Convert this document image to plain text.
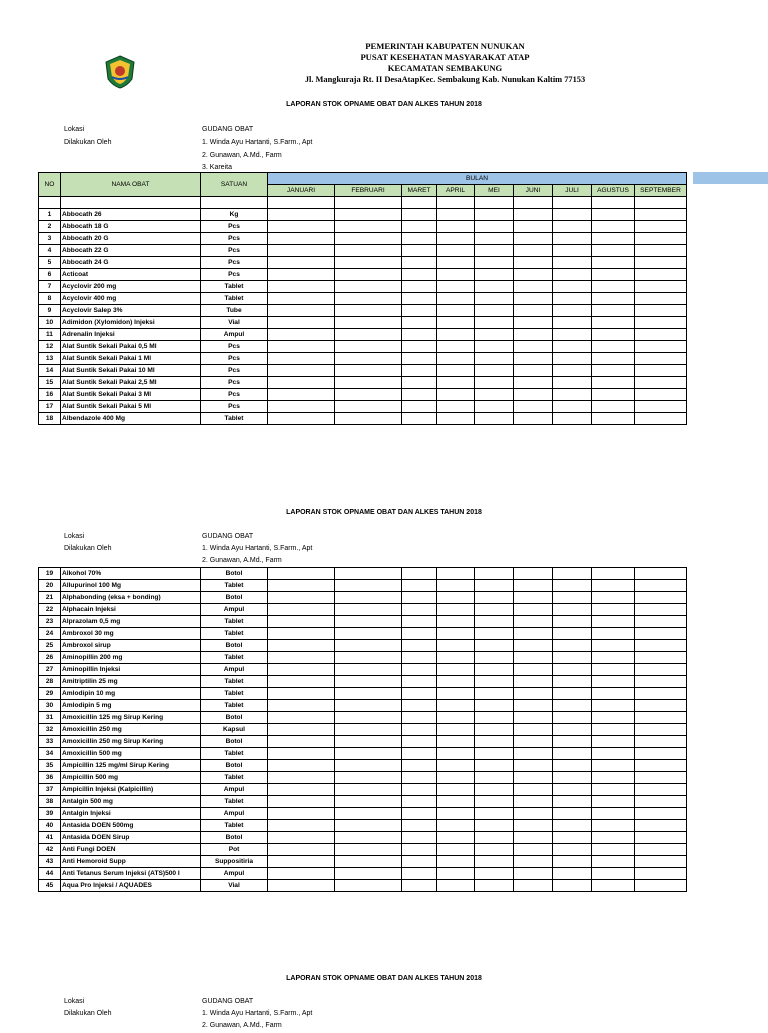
PEMERINTAH KABUPATEN NUNUKAN
PUSAT KESEHATAN MASYARAKAT ATAP
KECAMATAN SEMBAKUNG
Jl. Mangkuraja Rt. II DesaAtapKec. Sembakung Kab. Nunukan Kaltim 77153
LAPORAN STOK OPNAME OBAT DAN ALKES TAHUN 2018
Lokasi	GUDANG OBAT
Dilakukan Oleh	1. Winda Ayu Hartanti, S.Farm., Apt
2. Gunawan, A.Md., Farm
3. Kareita
NO	NAMA OBAT	SATUAN	BULAN								
			JANUARI	FEBRUARI	MARET	APRIL	MEI	JUNI	JULI	AGUSTUS	SEPTEMBER

1	Abbocath 26	Kg									
2	Abbocath 18 G	Pcs									
3	Abbocath 20 G	Pcs									
4	Abbocath 22 G	Pcs									
5	Abbocath 24 G	Pcs									
6	Acticoat	Pcs									
7	Acyclovir 200 mg	Tablet									
8	Acyclovir 400 mg	Tablet									
9	Acyclovir Salep 3%	Tube									
10	Adimidon (Xylomidon) Injeksi	Vial									
11	Adrenalin Injeksi	Ampul									
12	Alat Suntik Sekali Pakai 0,5 Ml	Pcs									
13	Alat Suntik Sekali Pakai 1 Ml	Pcs									
14	Alat Suntik Sekali Pakai 10 Ml	Pcs									
15	Alat Suntik Sekali Pakai 2,5 Ml	Pcs									
16	Alat Suntik Sekali Pakai 3 Ml	Pcs									
17	Alat Suntik Sekali Pakai 5 Ml	Pcs									
18	Albendazole 400 Mg	Tablet									
LAPORAN STOK OPNAME OBAT DAN ALKES TAHUN 2018
Lokasi	GUDANG OBAT
Dilakukan Oleh	1. Winda Ayu Hartanti, S.Farm., Apt
2. Gunawan, A.Md., Farm
19	Alkohol 70%	Botol									
20	Allupurinol 100 Mg	Tablet									
21	Alphabonding (eksa + bonding)	Botol									
22	Alphacain Injeksi	Ampul									
23	Alprazolam 0,5 mg	Tablet									
24	Ambroxol 30 mg	Tablet									
25	Ambroxol sirup	Botol									
26	Aminopillin 200 mg	Tablet									
27	Aminopillin Injeksi	Ampul									
28	Amitriptilin 25 mg	Tablet									
29	Amlodipin 10 mg	Tablet									
30	Amlodipin 5 mg	Tablet									
31	Amoxicillin 125 mg Sirup Kering	Botol									
32	Amoxicillin 250 mg	Kapsul									
33	Amoxicillin 250 mg Sirup Kering	Botol									
34	Amoxicillin 500 mg	Tablet									
35	Ampicillin 125 mg/ml Sirup Kering	Botol									
36	Ampicillin 500 mg	Tablet									
37	Ampicillin Injeksi (Kalpicillin)	Ampul									
38	Antalgin 500 mg	Tablet									
39	Antalgin Injeksi	Ampul									
40	Antasida DOEN 500mg	Tablet									
41	Antasida DOEN Sirup	Botol									
42	Anti Fungi DOEN	Pot									
43	Anti Hemoroid Supp	Suppositiria									
44	Anti Tetanus Serum Injeksi (ATS)500 I	Ampul									
45	Aqua Pro Injeksi / AQUADES	Vial									
LAPORAN STOK OPNAME OBAT DAN ALKES TAHUN 2018
Lokasi	GUDANG OBAT
Dilakukan Oleh	1. Winda Ayu Hartanti, S.Farm., Apt
2. Gunawan, A.Md., Farm
